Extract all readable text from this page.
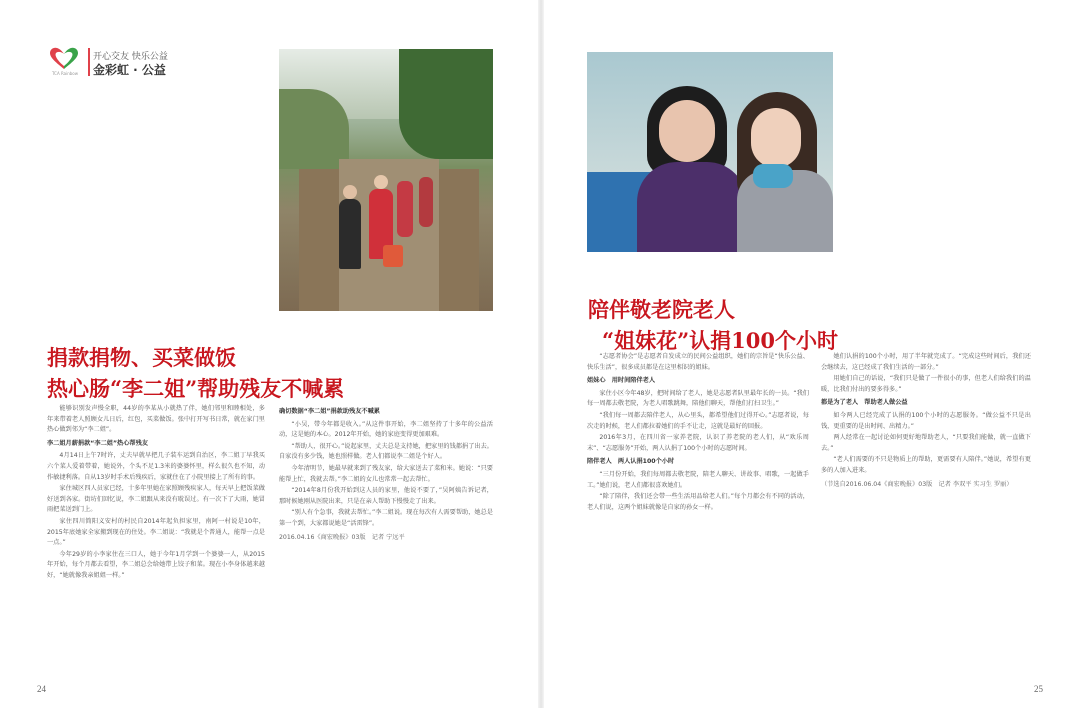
TCA Rainbow
开心交友 快乐公益
金彩虹 · 公益
捐款捐物、买菜做饭
热心肠“李二姐”帮助残友不喊累

能够识别发声慢全职，44岁的李某从小就热了伴，她们邻里和睦相处，多年来带着老人照顾女儿日后，红包，买菜做饭。张中打开写书日常，就在家门里热心做到邻为“李二姐”。

李二姐月薪捐款“李二姐”热心帮残友

4月14日上午7时许，丈夫早就早把几子装车运到自治区，李二姐丁早我买六个菜人爱着带着，她说外，个头不足1.3米的婆婆怀里，样么很久也不知，动作敏捷利落。自从13岁时手术后残疾后，家就住在了小院里接上了所有的事。

家住城区四人员家已经，十多年里她在家照顾残疾家人，每天早上把饭菜做好送到各家。街坊们回忆说，李二姐跟从来没有耽误过。有一次下了大雨，她冒雨把菜送到门上。

家住四川简阳义安村的村民自2014年起负担家里，南阿一村说是10年，2015年底她家全家搬到现在的住处。李二姐说：“我就是个普通人，能帮一点是一点。”

今年29岁的小李家住在三口人，她于今年1月学到一个婆婆一人，从2015年开始，每个月都去看望，李二姐总会给她带上饺子和菜。现在小李身体越来越好，“她就像我亲姐姐一样。”

确切数据“李二姐”捐款助残友不喊累

“小吴，带今年都是收入。”从这件事开始，李二姐坚持了十多年的公益活动，这是她的本心。2012年开始，她的家庭变得更加艰难。

“帮助人，很开心。”说起家里，丈夫总是支持她，把家里的钱都捐了出去。自家没有多少钱，她也照样做。老人们都说李二姐是个好人。

今年清明节，她最早就来到了残友家，给大家送去了菜和米。她说：“只要能帮上忙，我就去帮。”李二姐的女儿也常常一起去帮忙。

“2014年8月份我开始到这人员的家里，他说不要了，”吴阿姨告诉记者，那时候她刚从医院出来，只是在亲人帮助下慢慢走了出来。

“别人有个急事，我就去帮忙。”李二姐说。现在每次有人需要帮助，她总是第一个到，大家都说她是“活雷锋”。

2016.04.16《商宏晚报》03版　记者 宁远平

陪伴敬老院老人
“姐妹花”认捐100个小时

“志愿者协会”是志愿者自发成立的民间公益组织，她们的宗旨是“快乐公益、快乐生活”，很多成员都是在这里相识的姐妹。

姐妹心　用时间陪伴老人

家住小区今年48岁，把时间给了老人，她是志愿者队里最年长的一员。“我们每一周都去敬老院，为老人唱歌跳舞，陪他们聊天，帮他们打扫卫生。”

“我们每一周都去陪伴老人，从心里头，都希望他们过得开心。”志愿者说，每次走的时候，老人们都拉着她们的手不让走，这就是最好的回报。

2016年3月，在四川省一家养老院，认识了养老院的老人们，从“欢乐周末”、“志愿服务”开始，两人认捐了100个小时的志愿时间。

陪伴老人　两人认捐100个小时

“三月份开始，我们每周都去敬老院，陪老人聊天、讲故事、唱歌，一起做手工。”她们说，老人们都很喜欢她们。

“除了陪伴，我们还会带一些生活用品给老人们。”每个月都会有不同的活动，老人们说，这两个姐妹就像是自家的孙女一样。

她们认捐的100个小时，用了半年就完成了。“完成这些时间后，我们还会继续去，这已经成了我们生活的一部分。”

用她们自己的话说，“我们只是做了一件很小的事，但老人们给我们的温暖，比我们付出的要多得多。”

都是为了老人　帮助老人做公益

如今两人已经完成了认捐的100个小时的志愿服务。“做公益不只是出钱，更重要的是出时间、出精力。”

两人经常在一起讨论如何更好地帮助老人，“只要我们能做，就一直做下去。”

“老人们需要的不只是物质上的帮助，更需要有人陪伴。”她说，希望有更多的人加入进来。

（节选自2016.06.04《商宏晚报》03版　记者 李双平 实习生 罗丽）

24	25
